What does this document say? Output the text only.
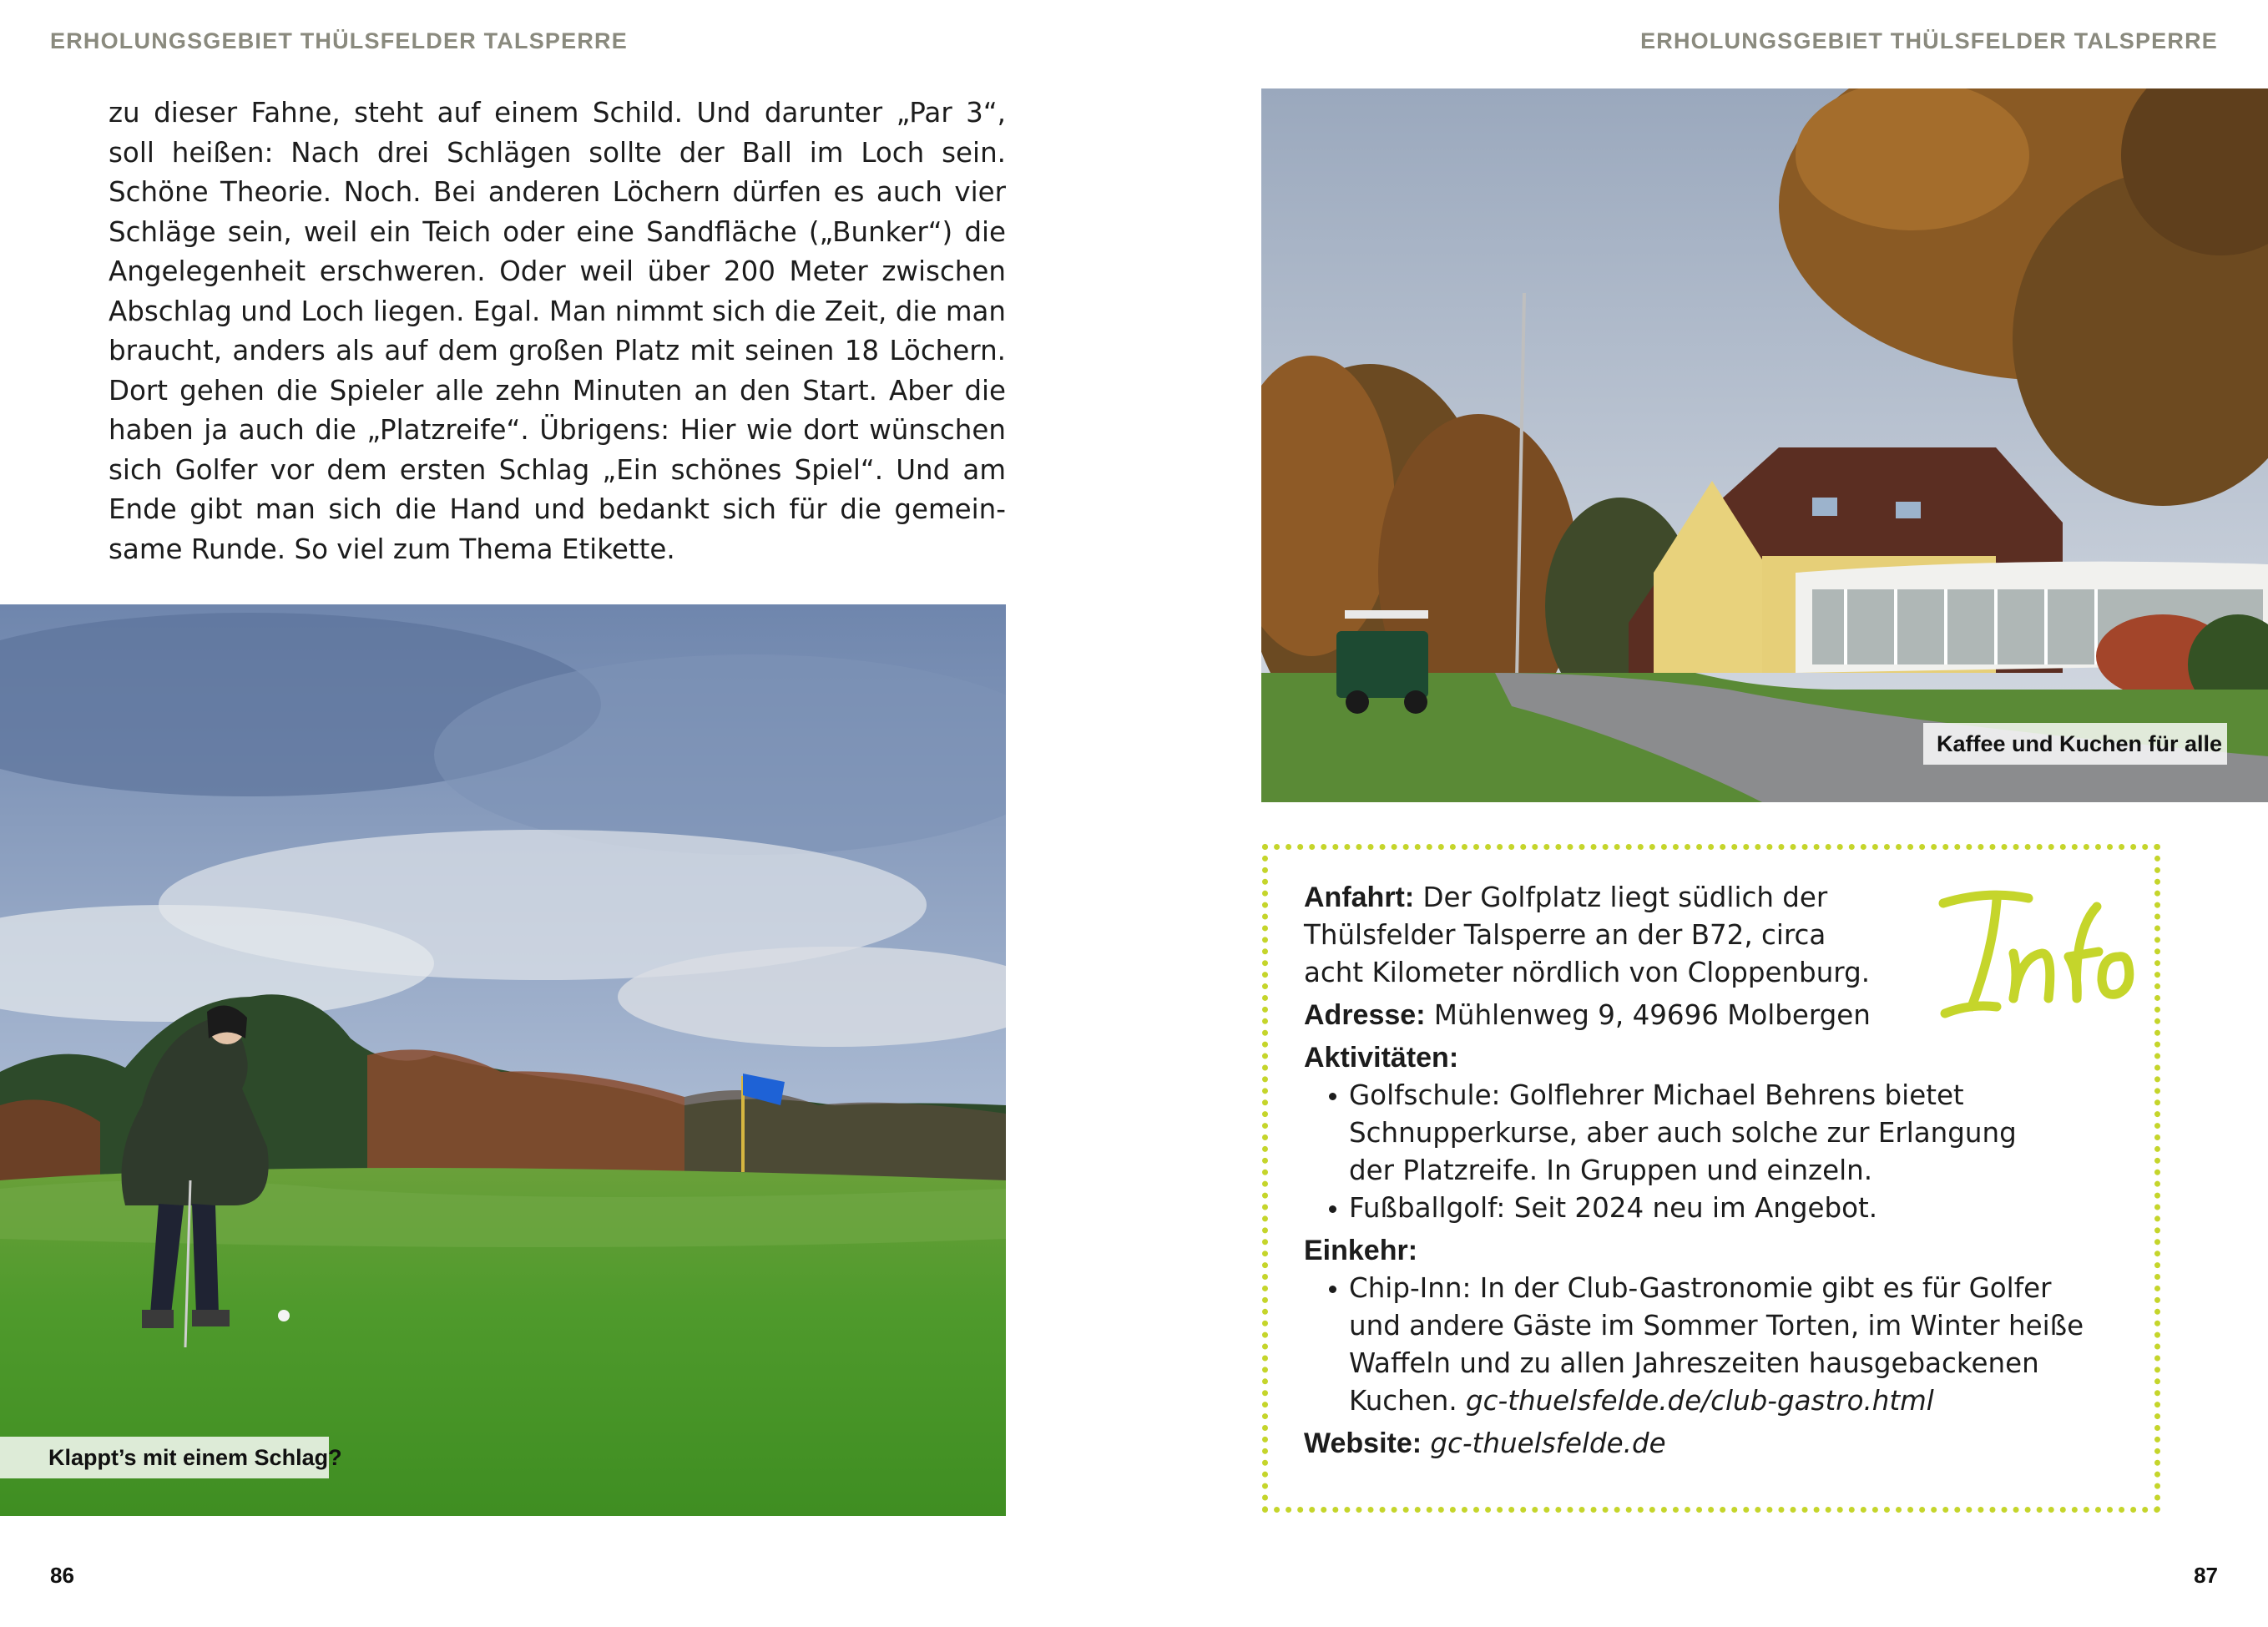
ERHOLUNGSGEBIET THÜLSFELDER TALSPERRE	ERHOLUNGSGEBIET THÜLSFELDER TALSPERRE
zu dieser Fahne, steht auf einem Schild. Und darunter „Par 3“,
soll heißen: Nach drei Schlägen sollte der Ball im Loch sein.
Schöne Theorie. Noch. Bei anderen Löchern dürfen es auch vier
Schläge sein, weil ein Teich oder eine Sandfläche („Bunker“) die
Angelegenheit erschweren. Oder weil über 200 Meter zwischen
Abschlag und Loch liegen. Egal. Man nimmt sich die Zeit, die man
braucht, anders als auf dem großen Platz mit seinen 18 Löchern.
Dort gehen die Spieler alle zehn Minuten an den Start. Aber die
haben ja auch die „Platzreife“. Übrigens: Hier wie dort wünschen
sich Golfer vor dem ersten Schlag „Ein schönes Spiel“. Und am
Ende gibt man sich die Hand und bedankt sich für die gemein-
same Runde. So viel zum Thema Etikette.
Klappt’s mit einem Schlag?
Kaffee und Kuchen für alle

Anfahrt: Der Golfplatz liegt südlich der
Thülsfelder Talsperre an der B72, circa
acht Kilometer nördlich von Cloppenburg.

Adresse: Mühlenweg 9, 49696 Molbergen

Aktivitäten:

Golfschule: Golflehrer Michael Behrens bietet
Schnupperkurse, aber auch solche zur Erlangung
der Platzreife. In Gruppen und einzeln.
Fußballgolf: Seit 2024 neu im Angebot.

Einkehr:

Chip-Inn: In der Club-Gastronomie gibt es für Golfer
und andere Gäste im Sommer Torten, im Winter heiße
Waffeln und zu allen Jahreszeiten hausgebackenen
Kuchen. gc-thuelsfelde.de/club-gastro.html

Website: gc-thuelsfelde.de

86	87
